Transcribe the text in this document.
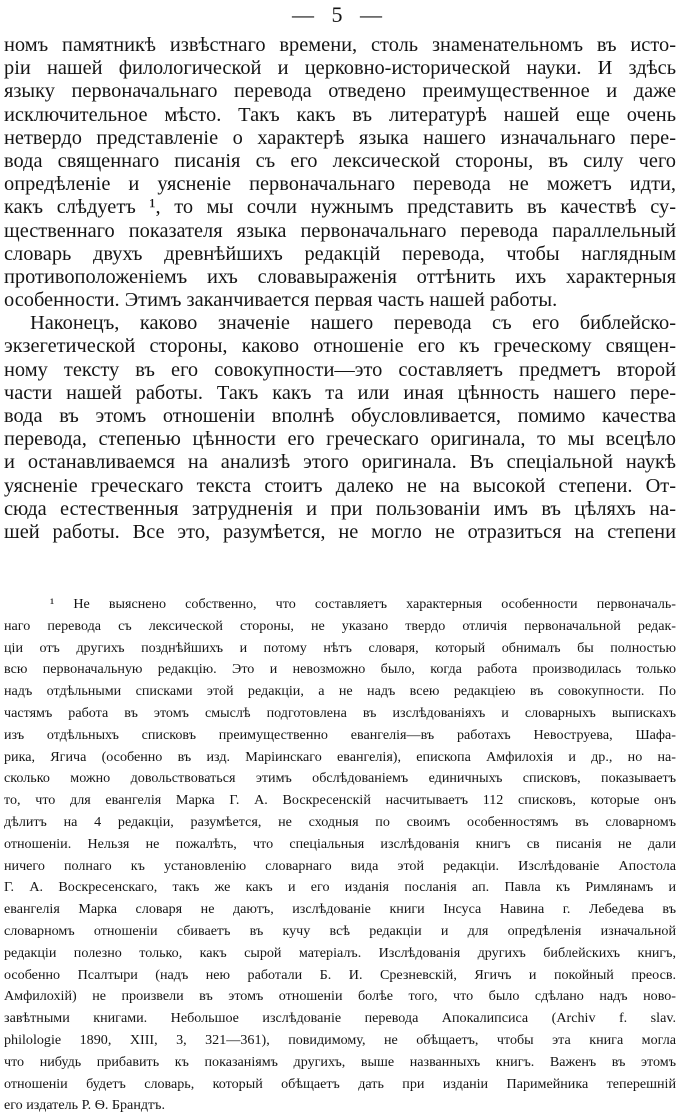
— 5 —
номъ памятникѣ извѣстнаго времени, столь знаменательномъ въ исто-
ріи нашей филологической и церковно-исторической науки. И здѣсь
языку первоначальнаго перевода отведено преимущественное и даже
исключительное мѣсто. Такъ какъ въ литературѣ нашей еще очень
нетвердо представленіе о характерѣ языка нашего изначальнаго пере-
вода священнаго писанія съ его лексической стороны, въ силу чего
опредѣленіе и уясненіе первоначальнаго перевода не можетъ идти,
какъ слѣдуетъ ¹, то мы сочли нужнымъ представить въ качествѣ су-
щественнаго показателя языка первоначальнаго перевода параллельный
словарь двухъ древнѣйшихъ редакцій перевода, чтобы наглядным
противоположеніемъ ихъ словавыраженія оттѣнить ихъ характерныя
особенности. Этимъ заканчивается первая часть нашей работы.
Наконецъ, каково значеніе нашего перевода съ его библейско-
экзегетической стороны, каково отношеніе его къ греческому священ-
ному тексту въ его совокупности—это составляетъ предметъ второй
части нашей работы. Такъ какъ та или иная цѣнность нашего пере-
вода въ этомъ отношеніи вполнѣ обусловливается, помимо качества
перевода, степенью цѣнности его греческаго оригинала, то мы всецѣло
и останавливаемся на анализѣ этого оригинала. Въ спеціальной наукѣ
уясненіе греческаго текста стоитъ далеко не на высокой степени. От-
сюда естественныя затрудненія и при пользованіи имъ въ цѣляхъ на-
шей работы. Все это, разумѣется, не могло не отразиться на степени
¹ Не выяснено собственно, что составляетъ характерныя особенности первоначаль-
наго перевода съ лексической стороны, не указано твердо отличія первоначальной редак-
ціи отъ другихъ позднѣйшихъ и потому нѣтъ словаря, который обнималъ бы полностью
всю первоначальную редакцію. Это и невозможно было, когда работа производилась только
надъ отдѣльными списками этой редакціи, а не надъ всею редакціею въ совокупности. По
частямъ работа въ этомъ смыслѣ подготовлена въ изслѣдованіяхъ и словарныхъ выпискахъ
изъ отдѣльныхъ списковъ преимущественно евангелія—въ работахъ Невоструева, Шафа-
рика, Ягича (особенно въ изд. Маріинскаго евангелія), епископа Амфилохія и др., но на-
сколько можно довольствоваться этимъ обслѣдованіемъ единичныхъ списковъ, показываетъ
то, что для евангелія Марка Г. А. Воскресенскій насчитываетъ 112 списковъ, которые онъ
дѣлитъ на 4 редакціи, разумѣется, не сходныя по своимъ особенностямъ въ словарномъ
отношеніи. Нельзя не пожалѣть, что спеціальныя изслѣдованія книгъ св писанія не дали
ничего полнаго къ установленію словарнаго вида этой редакціи. Изслѣдованіе Апостола
Г. А. Воскресенскаго, такъ же какъ и его изданія посланія ап. Павла къ Римлянамъ и
евангелія Марка словаря не даютъ, изслѣдованіе книги Інсуса Навина г. Лебедева въ
словарномъ отношеніи сбиваетъ въ кучу всѣ редакціи и для опредѣленія изначальной
редакціи полезно только, какъ сырой матеріалъ. Изслѣдованія другихъ библейскихъ книгъ,
особенно Псалтыри (надъ нею работали Б. И. Срезневскій, Ягичъ и покойный преосв.
Амфилохій) не произвели въ этомъ отношеніи болѣе того, что было сдѣлано надъ ново-
завѣтными книгами. Небольшое изслѣдованіе перевода Апокалипсиса (Archiv f. slav.
philologie 1890, XIII, 3, 321—361), повидимому, не обѣщаетъ, чтобы эта книга могла
что нибудь прибавить къ показаніямъ другихъ, выше названныхъ книгъ. Важенъ въ этомъ
отношеніи будетъ словарь, который обѣщаетъ дать при изданіи Паримейника теперешній
его издатель Р. Ѳ. Брандтъ.
